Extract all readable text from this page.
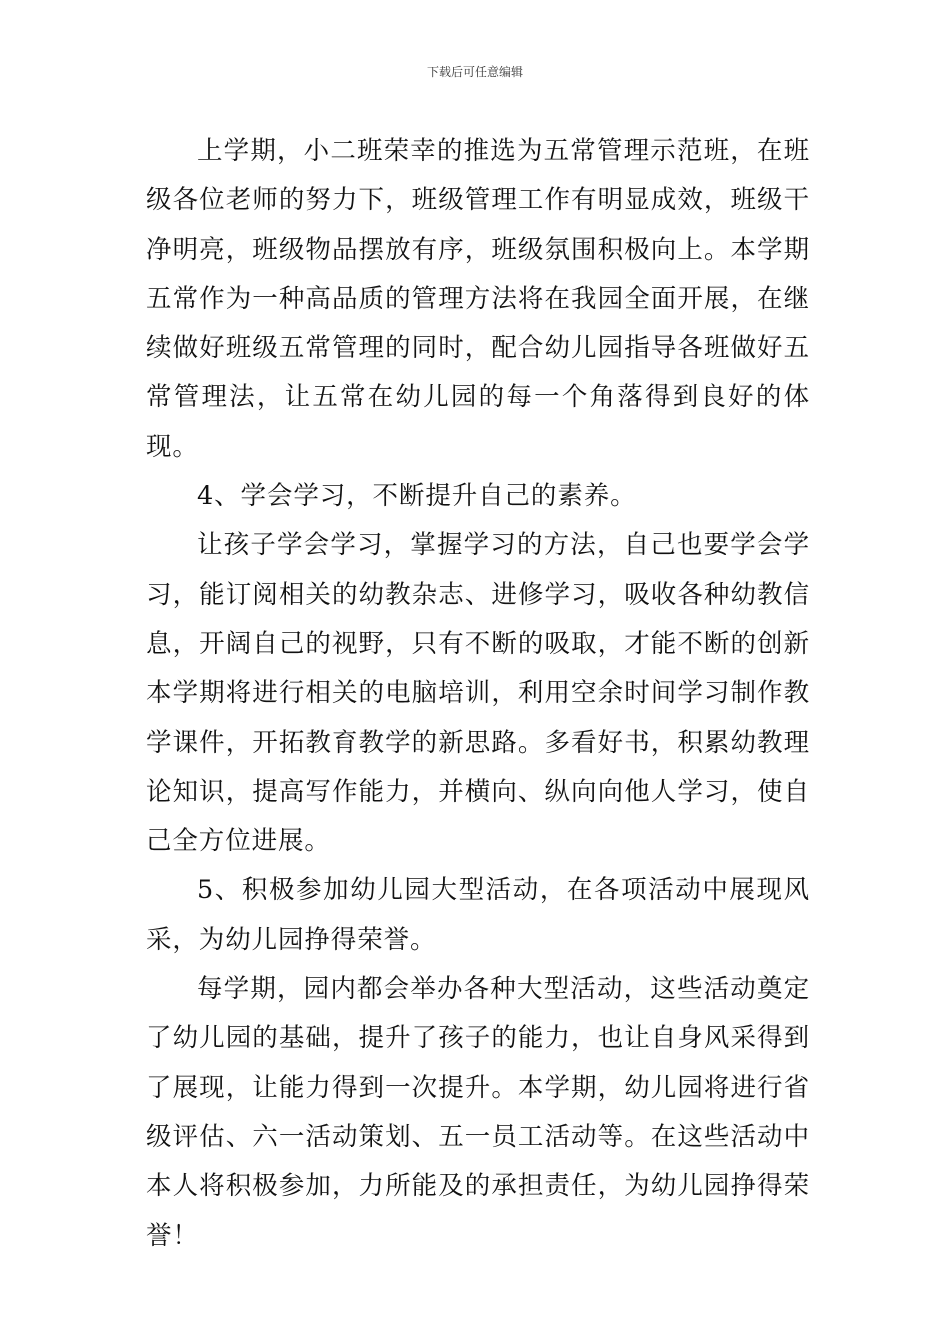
下载后可任意编辑

上学期，小二班荣幸的推选为五常管理示范班，在班级各位老师的努力下，班级管理工作有明显成效，班级干净明亮，班级物品摆放有序，班级氛围积极向上。本学期五常作为一种高品质的管理方法将在我园全面开展，在继续做好班级五常管理的同时，配合幼儿园指导各班做好五常管理法，让五常在幼儿园的每一个角落得到良好的体现。

4、学会学习，不断提升自己的素养。

让孩子学会学习，掌握学习的方法，自己也要学会学习，能订阅相关的幼教杂志、进修学习，吸收各种幼教信息，开阔自己的视野，只有不断的吸取，才能不断的创新本学期将进行相关的电脑培训，利用空余时间学习制作教学课件，开拓教育教学的新思路。多看好书，积累幼教理论知识，提高写作能力，并横向、纵向向他人学习，使自己全方位进展。

5、积极参加幼儿园大型活动，在各项活动中展现风采，为幼儿园挣得荣誉。

每学期，园内都会举办各种大型活动，这些活动奠定了幼儿园的基础，提升了孩子的能力，也让自身风采得到了展现，让能力得到一次提升。本学期，幼儿园将进行省级评估、六一活动策划、五一员工活动等。在这些活动中本人将积极参加，力所能及的承担责任，为幼儿园挣得荣誉！
